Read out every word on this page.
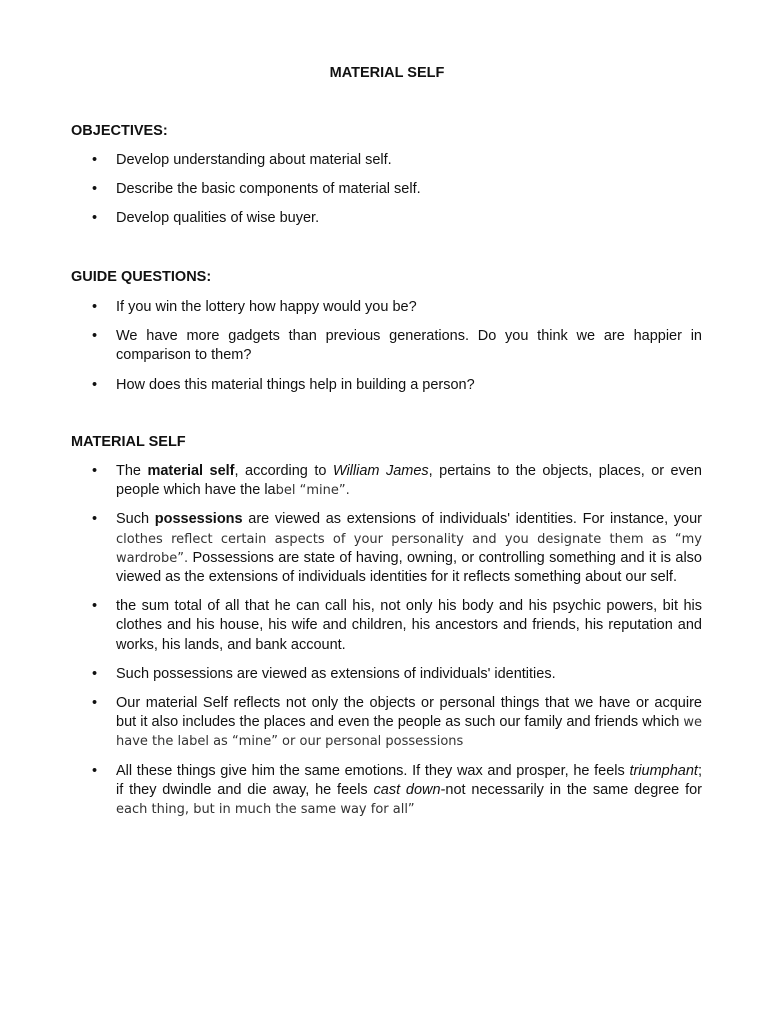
MATERIAL SELF
OBJECTIVES:
• Develop understanding about material self.
• Describe the basic components of material self.
• Develop qualities of wise buyer.
GUIDE QUESTIONS:
• If you win the lottery how happy would you be?
• We have more gadgets than previous generations. Do you think we are happier in comparison to them?
• How does this material things help in building a person?
MATERIAL SELF
• The material self, according to William James, pertains to the objects, places, or even people which have the label “mine”.
• Such possessions are viewed as extensions of individuals' identities. For instance, your clothes reflect certain aspects of your personality and you designate them as “my wardrobe”. Possessions are state of having, owning, or controlling something and it is also viewed as the extensions of individuals identities for it reflects something about our self.
• the sum total of all that he can call his, not only his body and his psychic powers, bit his clothes and his house, his wife and children, his ancestors and friends, his reputation and works, his lands, and bank account.
• Such possessions are viewed as extensions of individuals' identities.
• Our material Self reflects not only the objects or personal things that we have or acquire but it also includes the places and even the people as such our family and friends which we have the label as “mine” or our personal possessions
• All these things give him the same emotions. If they wax and prosper, he feels triumphant; if they dwindle and die away, he feels cast down-not necessarily in the same degree for each thing, but in much the same way for all”
